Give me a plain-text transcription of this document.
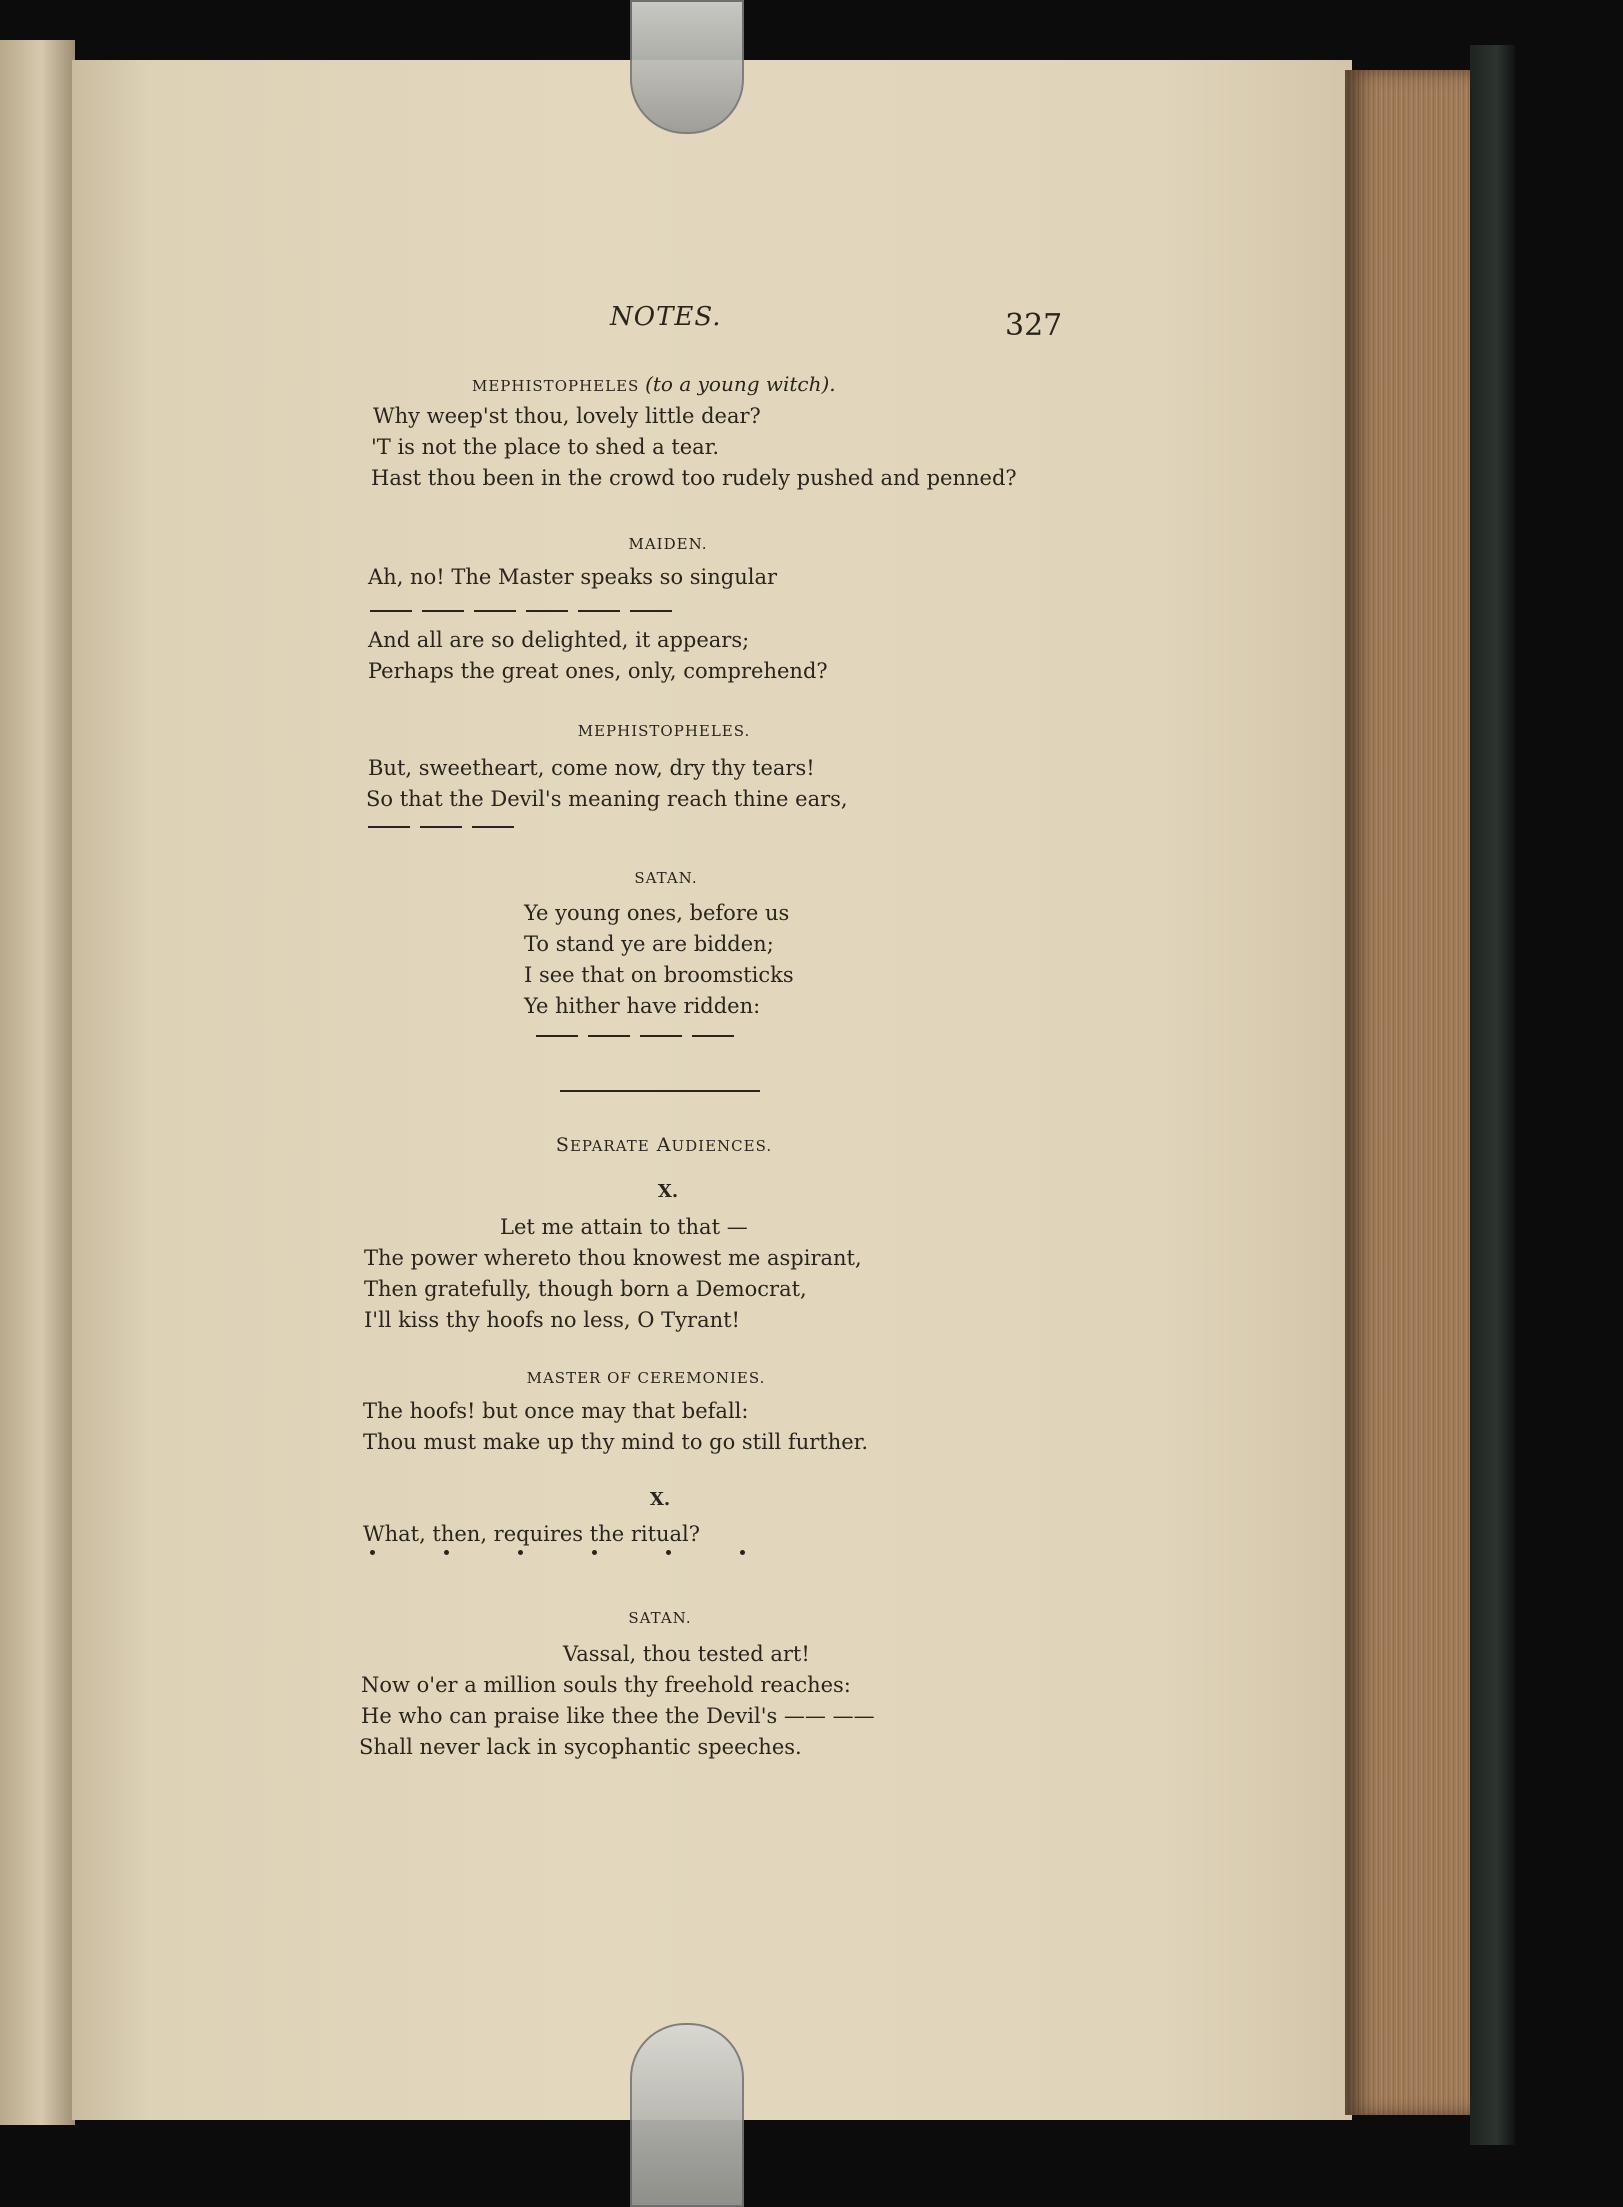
NOTES.	327
MEPHISTOPHELES (to a young witch).
Why weep'st thou, lovely little dear?
'T is not the place to shed a tear.
Hast thou been in the crowd too rudely pushed and penned?
MAIDEN.
Ah, no! The Master speaks so singular
And all are so delighted, it appears;
Perhaps the great ones, only, comprehend?
MEPHISTOPHELES.
But, sweetheart, come now, dry thy tears!
So that the Devil's meaning reach thine ears,
SATAN.
Ye young ones, before us
To stand ye are bidden;
I see that on broomsticks
Ye hither have ridden:
SEPARATE AUDIENCES.
X.
Let me attain to that —
The power whereto thou knowest me aspirant,
Then gratefully, though born a Democrat,
I'll kiss thy hoofs no less, O Tyrant!
MASTER OF CEREMONIES.
The hoofs! but once may that befall:
Thou must make up thy mind to go still further.
X.
What, then, requires the ritual?
SATAN.
Vassal, thou tested art!
Now o'er a million souls thy freehold reaches:
He who can praise like thee the Devil's —— ——
Shall never lack in sycophantic speeches.
